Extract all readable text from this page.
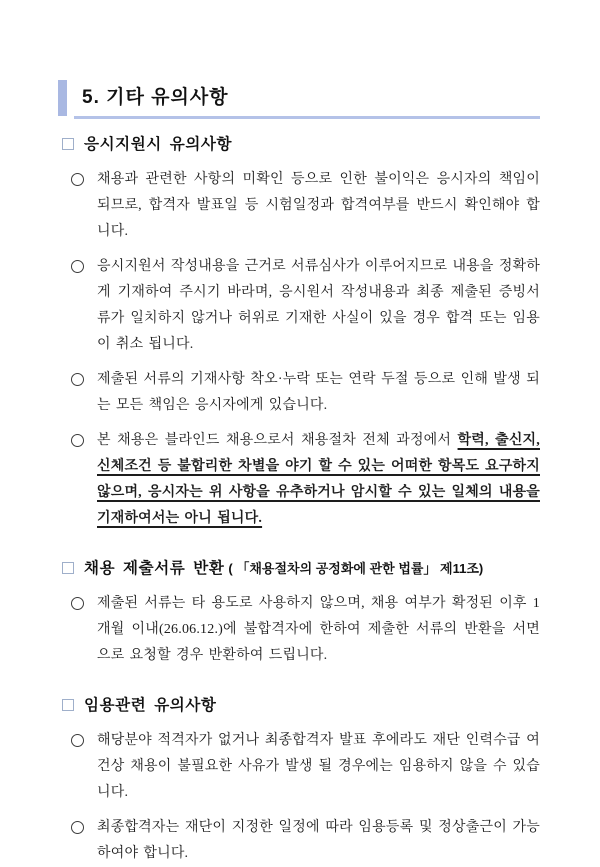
5. 기타 유의사항
응시지원시 유의사항
채용과 관련한 사항의 미확인 등으로 인한 불이익은 응시자의 책임이 되므로, 합격자 발표일 등 시험일정과 합격여부를 반드시 확인해야 합니다.
응시지원서 작성내용을 근거로 서류심사가 이루어지므로 내용을 정확하게 기재하여 주시기 바라며, 응시원서 작성내용과 최종 제출된 증빙서류가 일치하지 않거나 허위로 기재한 사실이 있을 경우 합격 또는 임용이 취소 됩니다.
제출된 서류의 기재사항 착오·누락 또는 연락 두절 등으로 인해 발생 되는 모든 책임은 응시자에게 있습니다.
본 채용은 블라인드 채용으로서 채용절차 전체 과정에서 학력, 출신지, 신체조건 등 불합리한 차별을 야기 할 수 있는 어떠한 항목도 요구하지 않으며, 응시자는 위 사항을 유추하거나 암시할 수 있는 일체의 내용을 기재하여서는 아니 됩니다.
채용 제출서류 반환 ( 「채용절차의 공정화에 관한 법률」 제11조)
제출된 서류는 타 용도로 사용하지 않으며, 채용 여부가 확정된 이후 1개월 이내(26.06.12.)에 불합격자에 한하여 제출한 서류의 반환을 서면으로 요청할 경우 반환하여 드립니다.
임용관련 유의사항
해당분야 적격자가 없거나 최종합격자 발표 후에라도 재단 인력수급 여건상 채용이 불필요한 사유가 발생 될 경우에는 임용하지 않을 수 있습니다.
최종합격자는 재단이 지정한 일정에 따라 임용등록 및 정상출근이 가능 하여야 합니다.
